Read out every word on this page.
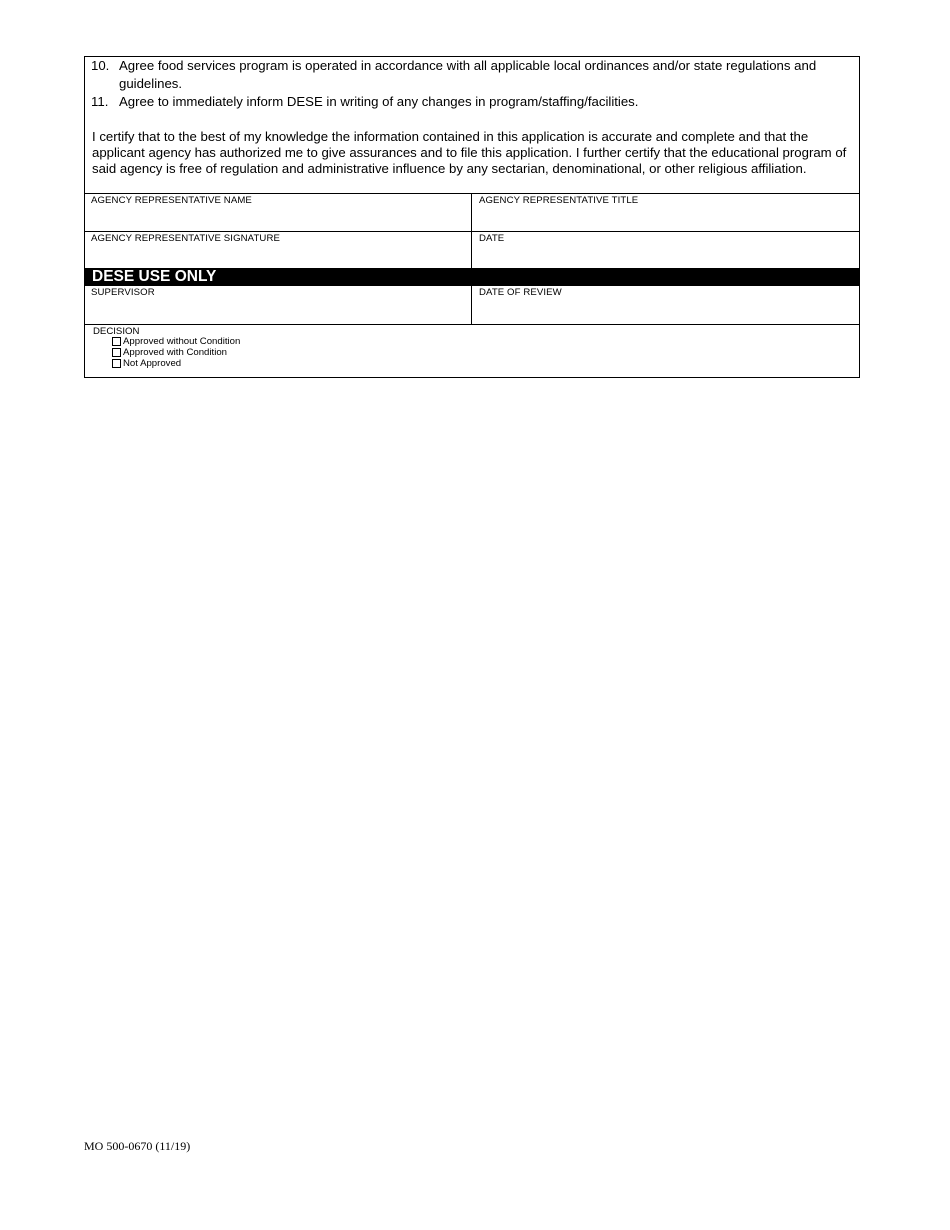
10. Agree food services program is operated in accordance with all applicable local ordinances and/or state regulations and guidelines.
11. Agree to immediately inform DESE in writing of any changes in program/staffing/facilities.

I certify that to the best of my knowledge the information contained in this application is accurate and complete and that the applicant agency has authorized me to give assurances and to file this application. I further certify that the educational program of said agency is free of regulation and administrative influence by any sectarian, denominational, or other religious affiliation.

AGENCY REPRESENTATIVE NAME	AGENCY REPRESENTATIVE TITLE
AGENCY REPRESENTATIVE SIGNATURE	DATE
DESE USE ONLY
SUPERVISOR	DATE OF REVIEW
DECISION
Approved without Condition
Approved with Condition
Not Approved
MO 500-0670 (11/19)
